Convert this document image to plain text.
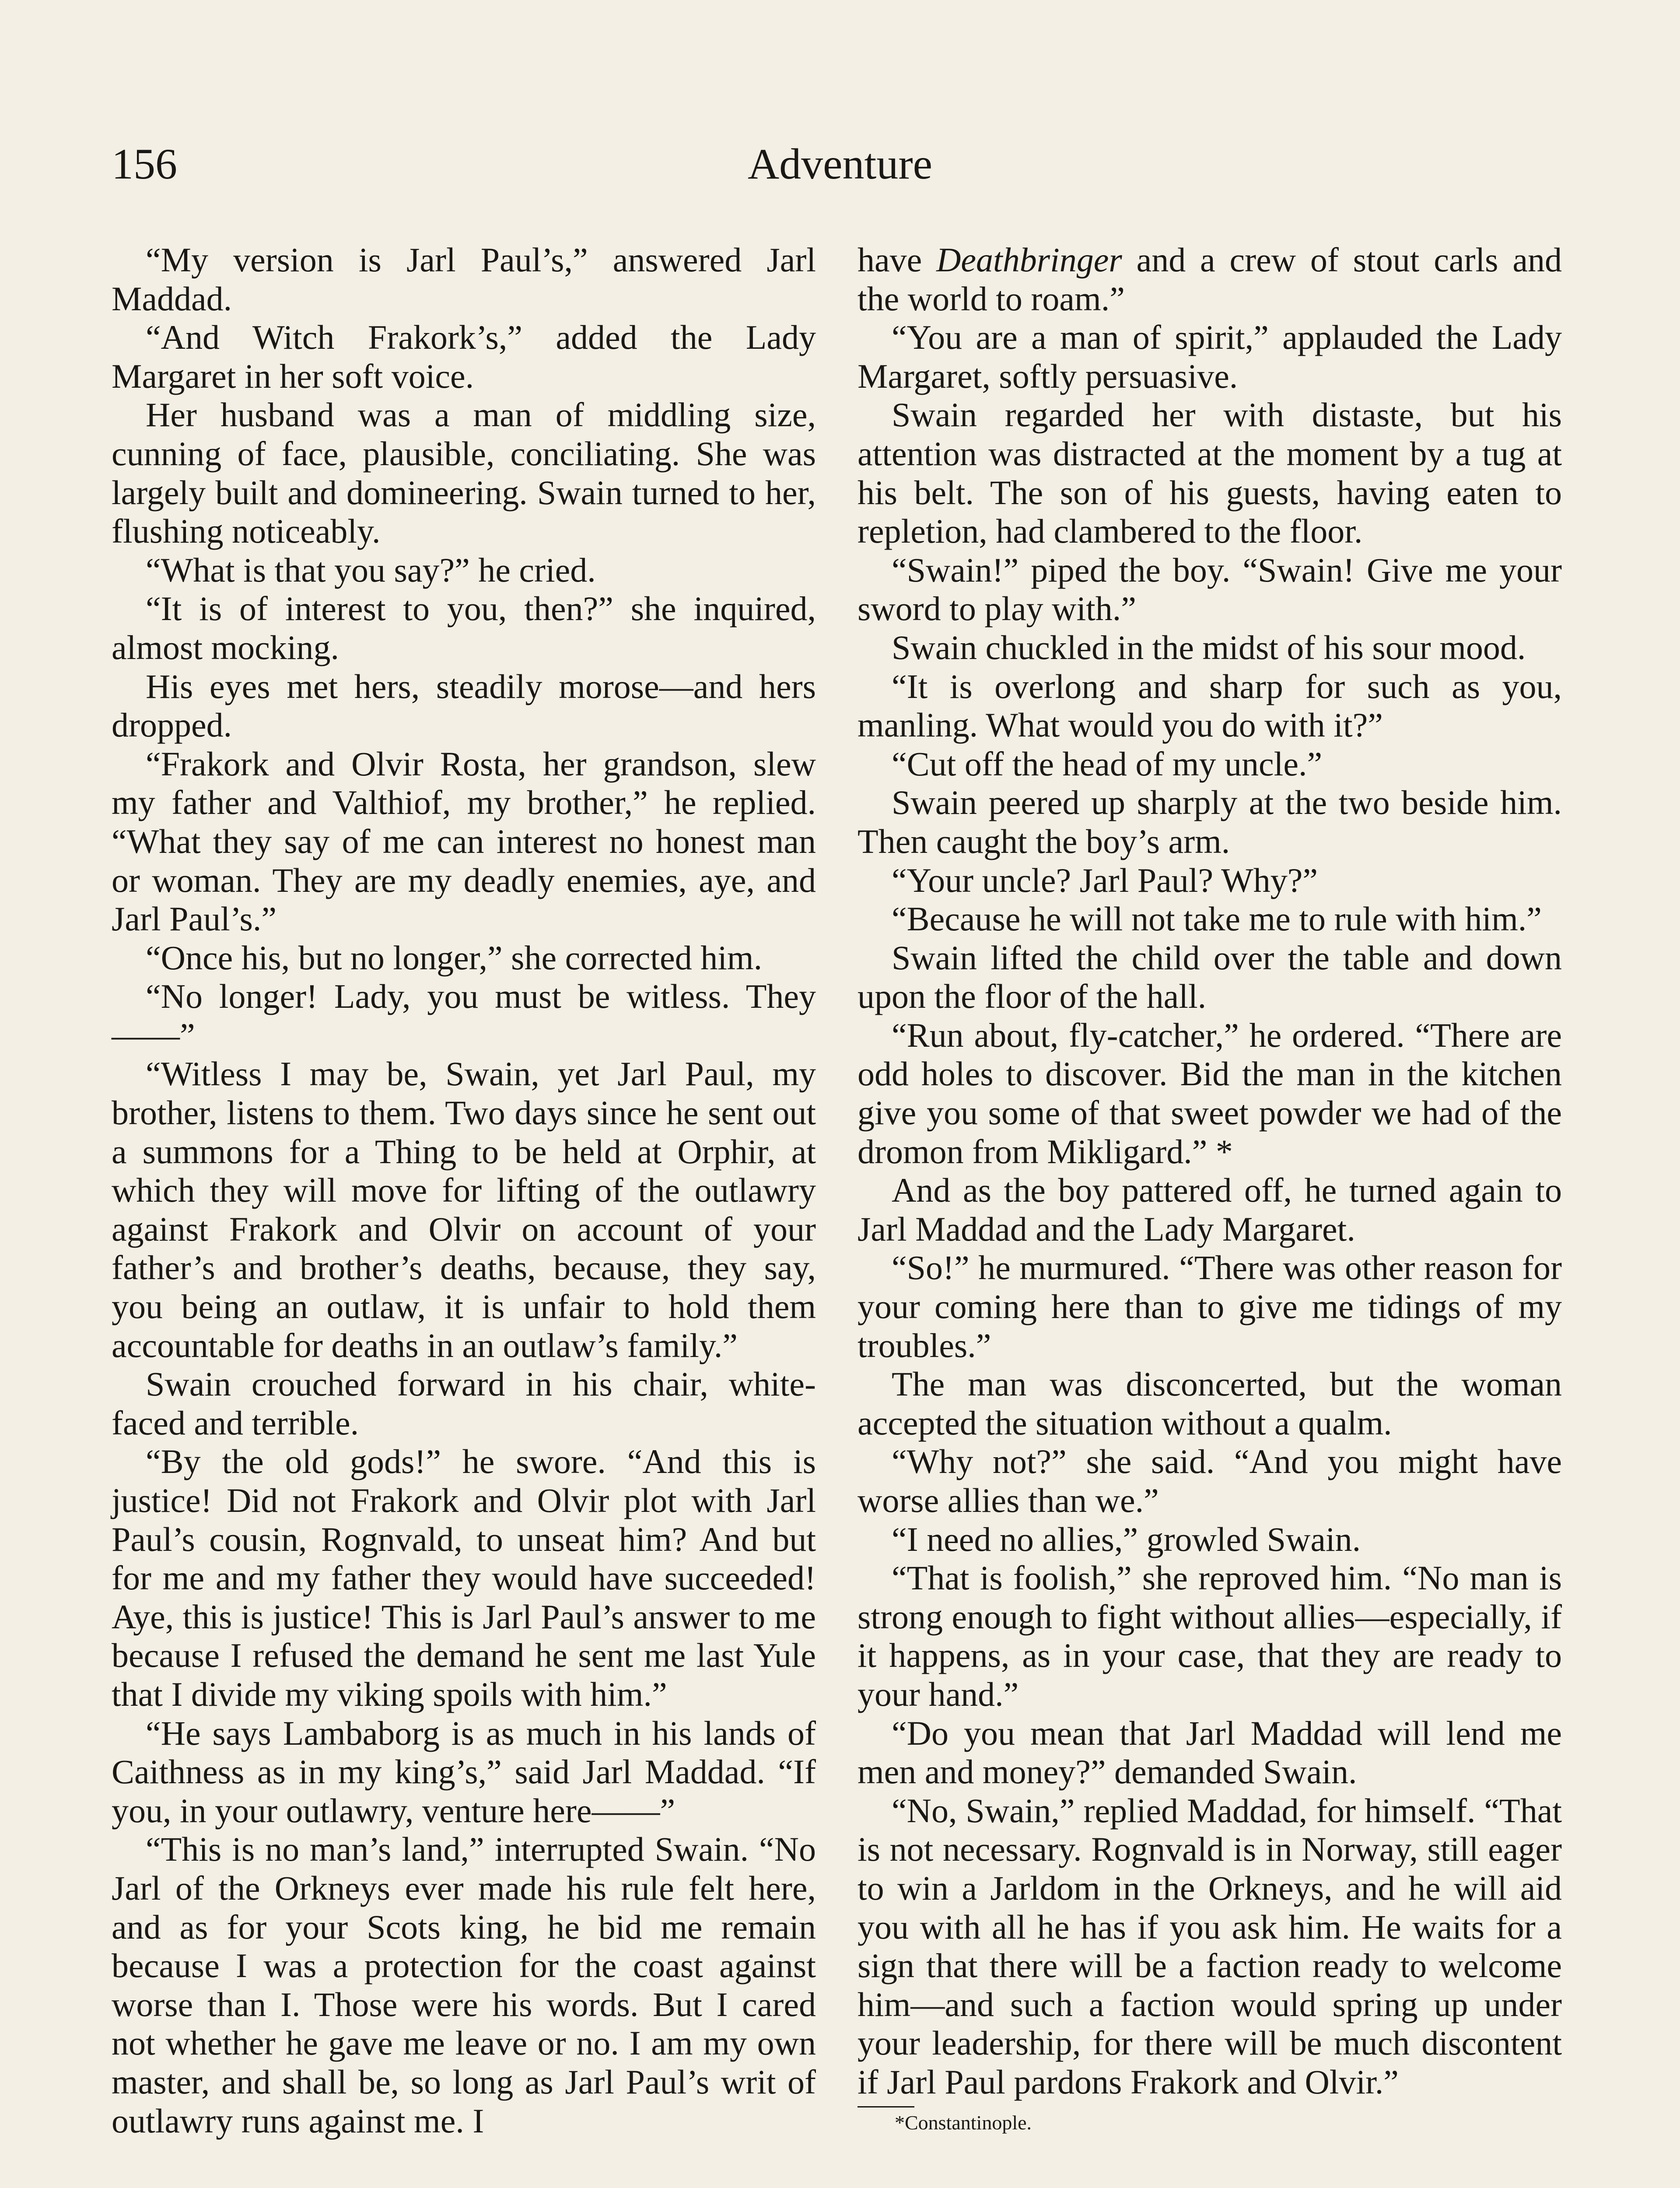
156	Adventure

“My version is Jarl Paul’s,” answered Jarl Maddad.

“And Witch Frakork’s,” added the Lady Margaret in her soft voice.

Her husband was a man of middling size, cunning of face, plausible, conciliating. She was largely built and domineering. Swain turned to her, flushing noticeably.

“What is that you say?” he cried.

“It is of interest to you, then?” she inquired, almost mocking.

His eyes met hers, steadily morose—and hers dropped.

“Frakork and Olvir Rosta, her grandson, slew my father and Valthiof, my brother,” he replied. “What they say of me can interest no honest man or woman. They are my deadly enemies, aye, and Jarl Paul’s.”

“Once his, but no longer,” she corrected him.

“No longer! Lady, you must be witless. They——”

“Witless I may be, Swain, yet Jarl Paul, my brother, listens to them. Two days since he sent out a summons for a Thing to be held at Orphir, at which they will move for lifting of the outlawry against Frakork and Olvir on account of your father’s and brother’s deaths, because, they say, you being an outlaw, it is unfair to hold them accountable for deaths in an outlaw’s family.”

Swain crouched forward in his chair, white-faced and terrible.

“By the old gods!” he swore. “And this is justice! Did not Frakork and Olvir plot with Jarl Paul’s cousin, Rognvald, to unseat him? And but for me and my father they would have succeeded! Aye, this is justice! This is Jarl Paul’s answer to me because I refused the demand he sent me last Yule that I divide my viking spoils with him.”

“He says Lambaborg is as much in his lands of Caithness as in my king’s,” said Jarl Maddad. “If you, in your outlawry, venture here——”

“This is no man’s land,” interrupted Swain. “No Jarl of the Orkneys ever made his rule felt here, and as for your Scots king, he bid me remain because I was a protection for the coast against worse than I. Those were his words. But I cared not whether he gave me leave or no. I am my own master, and shall be, so long as Jarl Paul’s writ of outlawry runs against me. I

have Deathbringer and a crew of stout carls and the world to roam.”

“You are a man of spirit,” applauded the Lady Margaret, softly persuasive.

Swain regarded her with distaste, but his attention was distracted at the moment by a tug at his belt. The son of his guests, having eaten to repletion, had clambered to the floor.

“Swain!” piped the boy. “Swain! Give me your sword to play with.”

Swain chuckled in the midst of his sour mood.

“It is overlong and sharp for such as you, manling. What would you do with it?”

“Cut off the head of my uncle.”

Swain peered up sharply at the two beside him. Then caught the boy’s arm.

“Your uncle? Jarl Paul? Why?”

“Because he will not take me to rule with him.”

Swain lifted the child over the table and down upon the floor of the hall.

“Run about, fly-catcher,” he ordered. “There are odd holes to discover. Bid the man in the kitchen give you some of that sweet powder we had of the dromon from Mikligard.” *

And as the boy pattered off, he turned again to Jarl Maddad and the Lady Margaret.

“So!” he murmured. “There was other reason for your coming here than to give me tidings of my troubles.”

The man was disconcerted, but the woman accepted the situation without a qualm.

“Why not?” she said. “And you might have worse allies than we.”

“I need no allies,” growled Swain.

“That is foolish,” she reproved him. “No man is strong enough to fight without allies—especially, if it happens, as in your case, that they are ready to your hand.”

“Do you mean that Jarl Maddad will lend me men and money?” demanded Swain.

“No, Swain,” replied Maddad, for himself. “That is not necessary. Rognvald is in Norway, still eager to win a Jarldom in the Orkneys, and he will aid you with all he has if you ask him. He waits for a sign that there will be a faction ready to welcome him—and such a faction would spring up under your leadership, for there will be much discontent if Jarl Paul pardons Frakork and Olvir.”

*Constantinople.
